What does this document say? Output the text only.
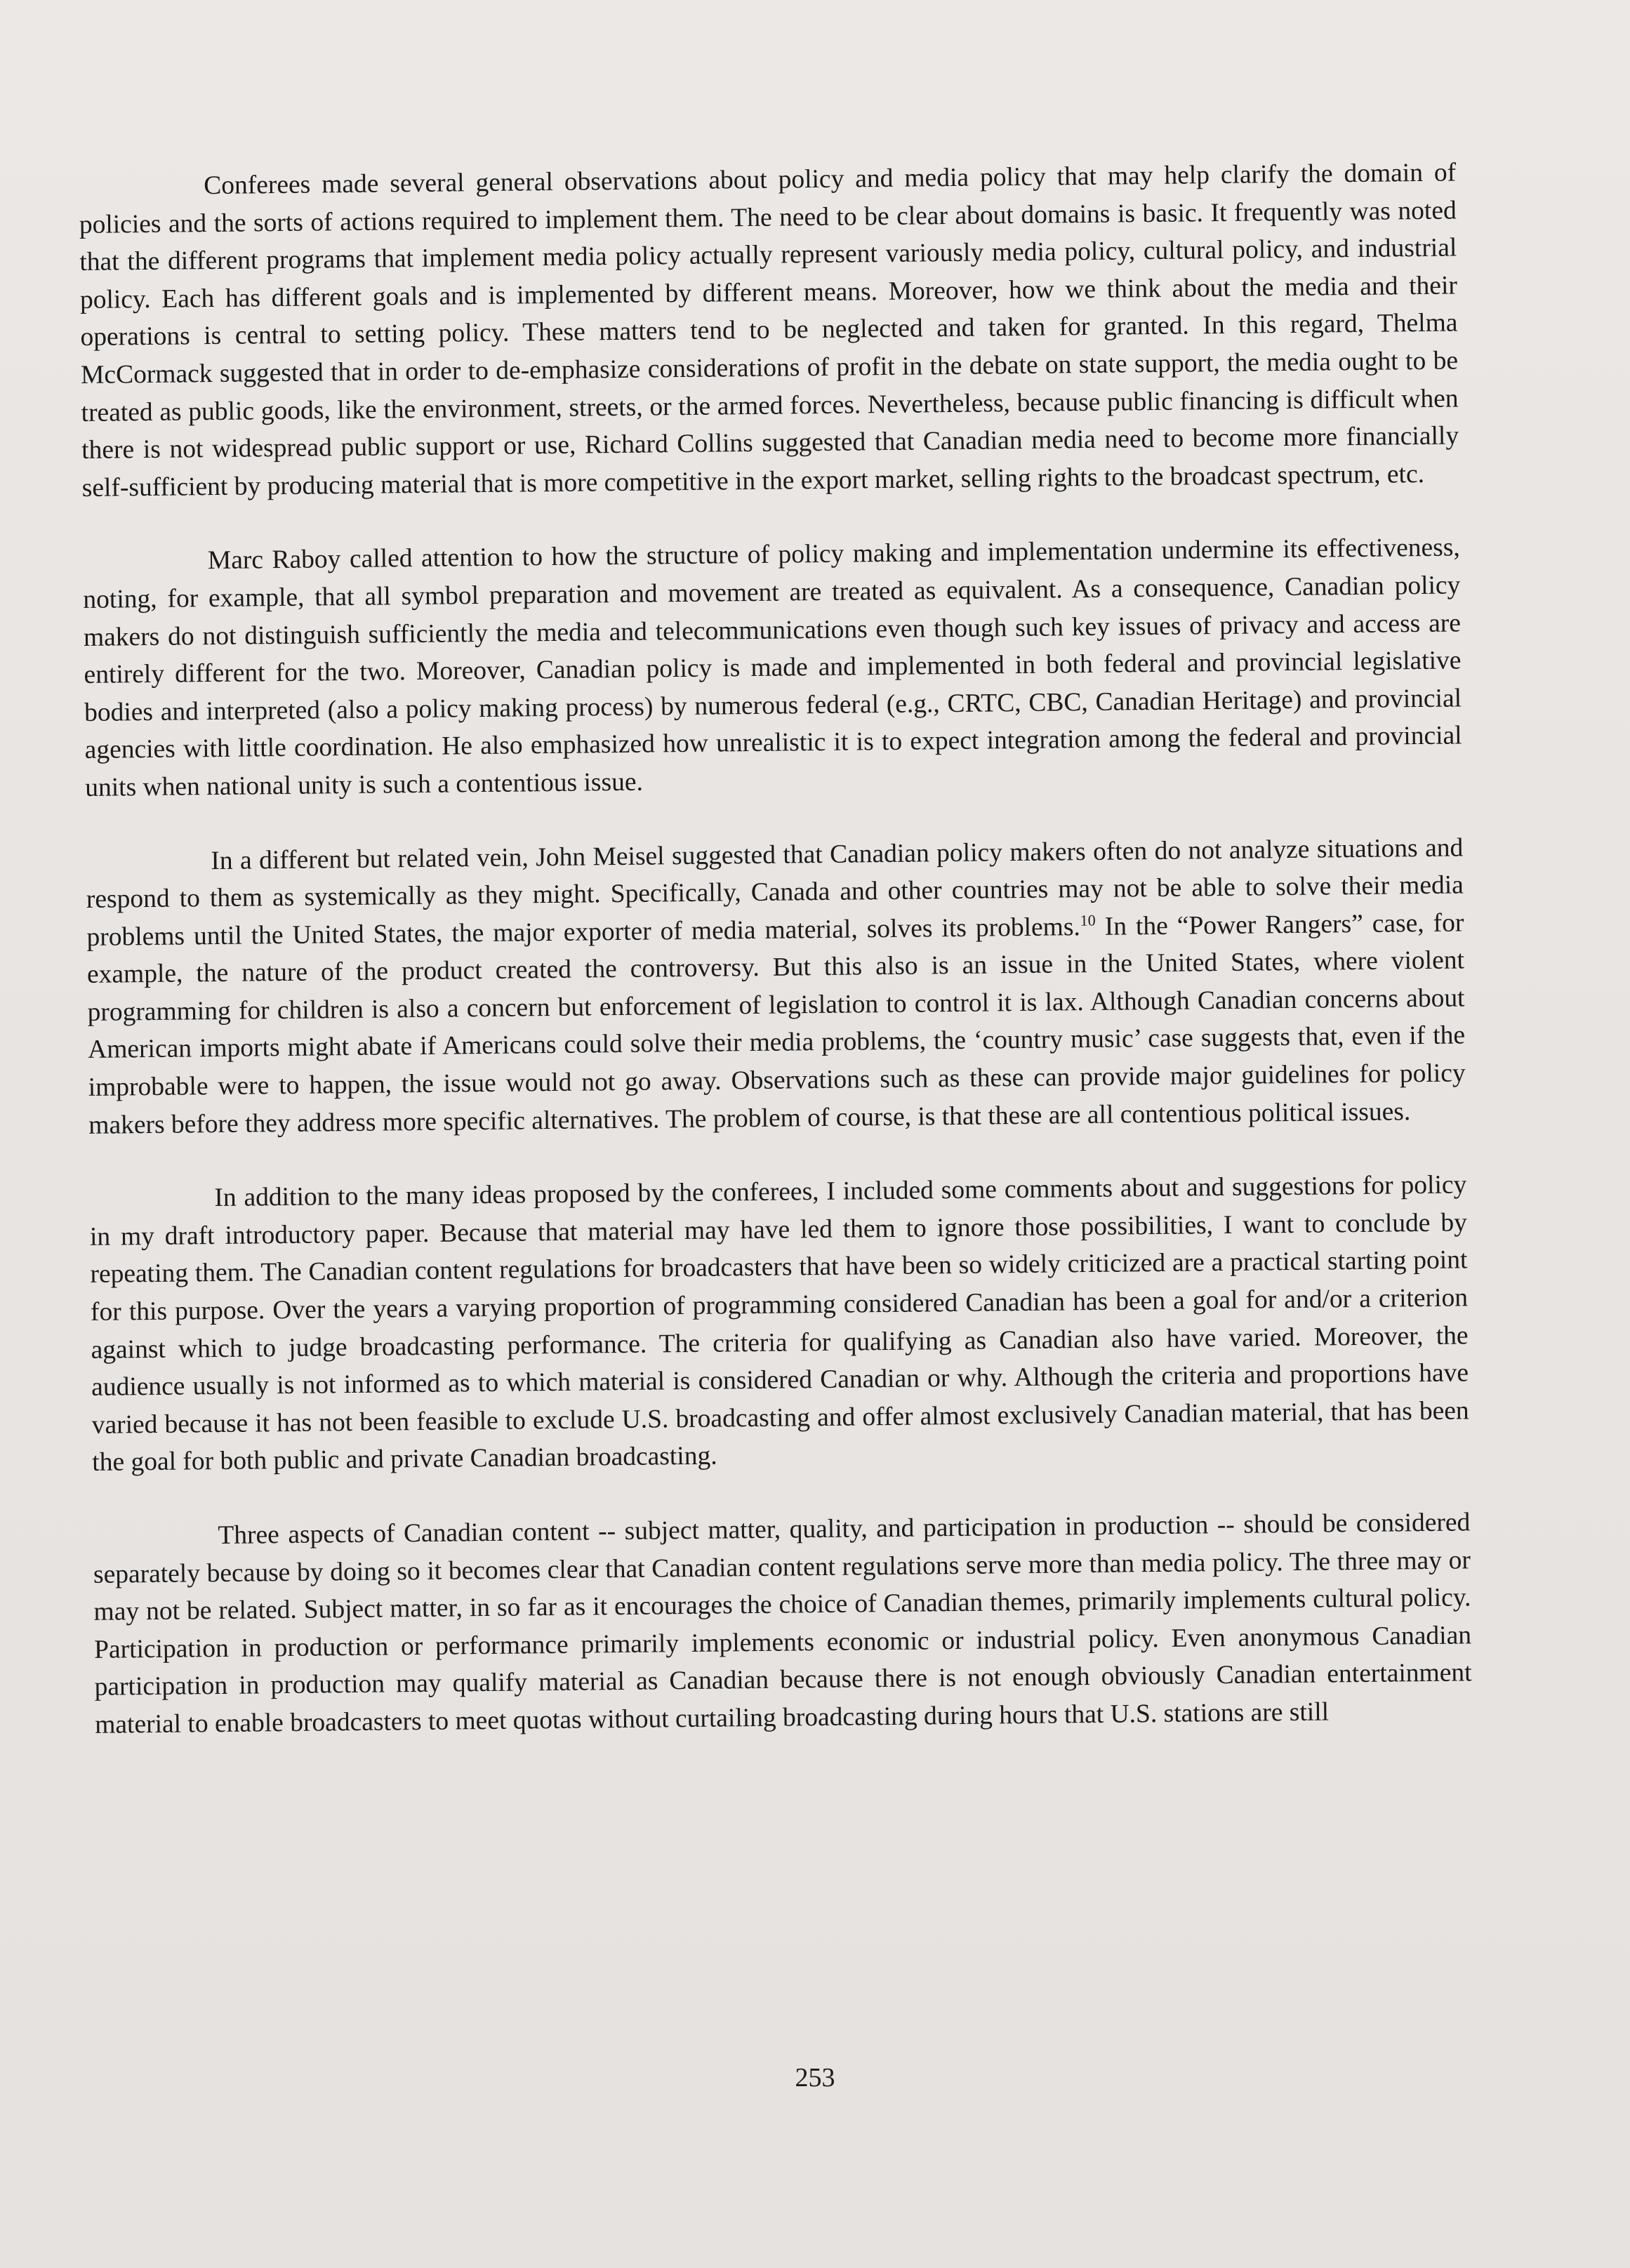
Conferees made several general observations about policy and media policy that may help clarify the domain of policies and the sorts of actions required to implement them. The need to be clear about domains is basic. It frequently was noted that the different programs that implement media policy actually represent variously media policy, cultural policy, and industrial policy. Each has different goals and is implemented by different means. Moreover, how we think about the media and their operations is central to setting policy. These matters tend to be neglected and taken for granted. In this regard, Thelma McCormack suggested that in order to de-emphasize considerations of profit in the debate on state support, the media ought to be treated as public goods, like the environment, streets, or the armed forces. Nevertheless, because public financing is difficult when there is not widespread public support or use, Richard Collins suggested that Canadian media need to become more financially self-sufficient by producing material that is more competitive in the export market, selling rights to the broadcast spectrum, etc.

Marc Raboy called attention to how the structure of policy making and implementation undermine its effectiveness, noting, for example, that all symbol preparation and movement are treated as equivalent. As a consequence, Canadian policy makers do not distinguish sufficiently the media and telecommunications even though such key issues of privacy and access are entirely different for the two. Moreover, Canadian policy is made and implemented in both federal and provincial legislative bodies and interpreted (also a policy making process) by numerous federal (e.g., CRTC, CBC, Canadian Heritage) and provincial agencies with little coordination. He also emphasized how unrealistic it is to expect integration among the federal and provincial units when national unity is such a contentious issue.

In a different but related vein, John Meisel suggested that Canadian policy makers often do not analyze situations and respond to them as systemically as they might. Specifically, Canada and other countries may not be able to solve their media problems until the United States, the major exporter of media material, solves its problems.$^{10}$ In the “Power Rangers” case, for example, the nature of the product created the controversy. But this also is an issue in the United States, where violent programming for children is also a concern but enforcement of legislation to control it is lax. Although Canadian concerns about American imports might abate if Americans could solve their media problems, the ‘country music’ case suggests that, even if the improbable were to happen, the issue would not go away. Observations such as these can provide major guidelines for policy makers before they address more specific alternatives. The problem of course, is that these are all contentious political issues.

In addition to the many ideas proposed by the conferees, I included some comments about and suggestions for policy in my draft introductory paper. Because that material may have led them to ignore those possibilities, I want to conclude by repeating them. The Canadian content regulations for broadcasters that have been so widely criticized are a practical starting point for this purpose. Over the years a varying proportion of programming considered Canadian has been a goal for and/or a criterion against which to judge broadcasting performance. The criteria for qualifying as Canadian also have varied. Moreover, the audience usually is not informed as to which material is considered Canadian or why. Although the criteria and proportions have varied because it has not been feasible to exclude U.S. broadcasting and offer almost exclusively Canadian material, that has been the goal for both public and private Canadian broadcasting.

Three aspects of Canadian content -- subject matter, quality, and participation in production -- should be considered separately because by doing so it becomes clear that Canadian content regulations serve more than media policy. The three may or may not be related. Subject matter, in so far as it encourages the choice of Canadian themes, primarily implements cultural policy. Participation in production or performance primarily implements economic or industrial policy. Even anonymous Canadian participation in production may qualify material as Canadian because there is not enough obviously Canadian entertainment material to enable broadcasters to meet quotas without curtailing broadcasting during hours that U.S. stations are still

253
